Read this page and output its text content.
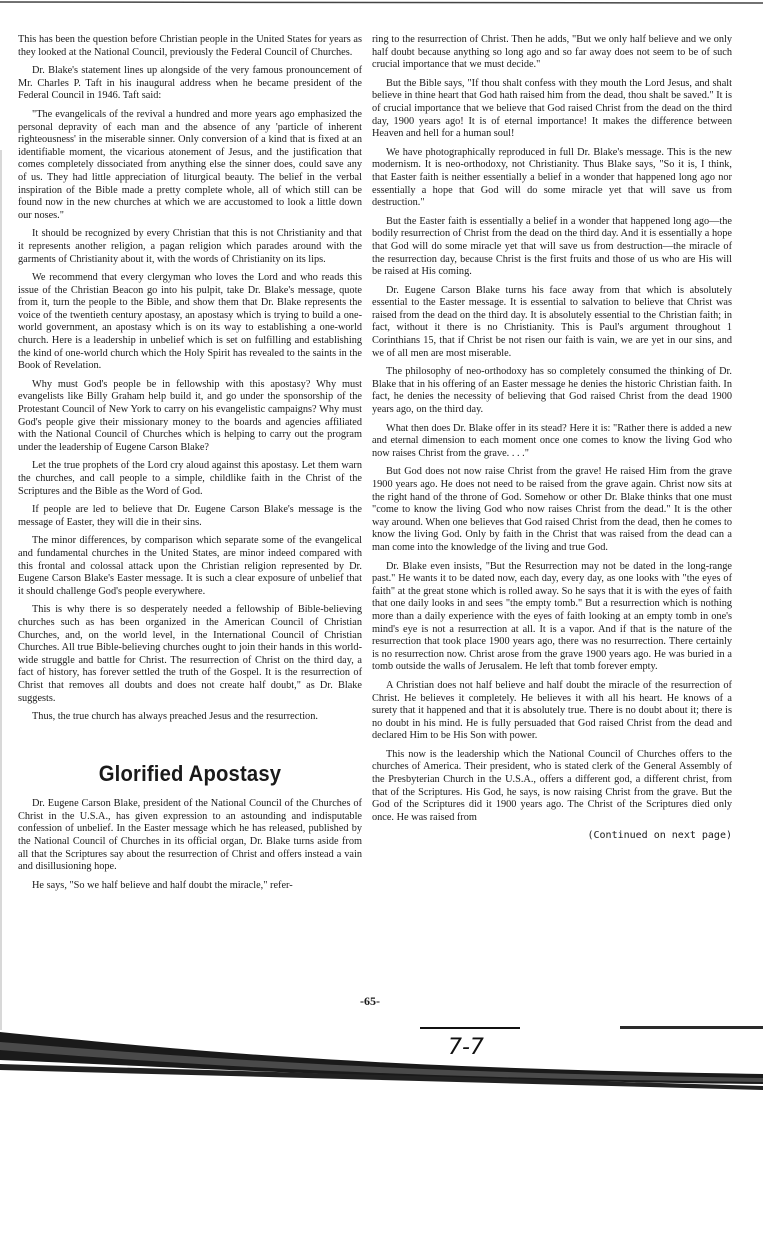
This has been the question before Christian people in the United States for years as they looked at the National Council, previously the Federal Council of Churches.

Dr. Blake's statement lines up alongside of the very famous pronouncement of Mr. Charles P. Taft in his inaugural address when he became president of the Federal Council in 1946. Taft said:

"The evangelicals of the revival a hundred and more years ago emphasized the personal depravity of each man and the absence of any 'particle of inherent righteousness' in the miserable sinner. Only conversion of a kind that is fixed at an identifiable moment, the vicarious atonement of Jesus, and the justification that comes completely dissociated from anything else the sinner does, could save any of us. They had little appreciation of liturgical beauty. The belief in the verbal inspiration of the Bible made a pretty complete whole, all of which still can be found now in the new churches at which we are accustomed to look a little down our noses."

It should be recognized by every Christian that this is not Christianity and that it represents another religion, a pagan religion which parades around with the garments of Christianity about it, with the words of Christianity on its lips.

We recommend that every clergyman who loves the Lord and who reads this issue of the Christian Beacon go into his pulpit, take Dr. Blake's message, quote from it, turn the people to the Bible, and show them that Dr. Blake represents the voice of the twentieth century apostasy, an apostasy which is trying to build a one-world government, an apostasy which is on its way to establishing a one-world church. Here is a leadership in unbelief which is set on fulfilling and establishing the kind of one-world church which the Holy Spirit has revealed to the saints in the Book of Revelation.

Why must God's people be in fellowship with this apostasy? Why must evangelists like Billy Graham help build it, and go under the sponsorship of the Protestant Council of New York to carry on his evangelistic campaigns? Why must God's people give their missionary money to the boards and agencies affiliated with the National Council of Churches which is helping to carry out the program under the leadership of Eugene Carson Blake?

Let the true prophets of the Lord cry aloud against this apostasy. Let them warn the churches, and call people to a simple, childlike faith in the Christ of the Scriptures and the Bible as the Word of God.

If people are led to believe that Dr. Eugene Carson Blake's message is the message of Easter, they will die in their sins.

The minor differences, by comparison which separate some of the evangelical and fundamental churches in the United States, are minor indeed compared with this frontal and colossal attack upon the Christian religion represented by Dr. Eugene Carson Blake's Easter message. It is such a clear exposure of unbelief that it should challenge God's people everywhere.

This is why there is so desperately needed a fellowship of Bible-believing churches such as has been organized in the American Council of Christian Churches, and, on the world level, in the International Council of Christian Churches. All true Bible-believing churches ought to join their hands in this world-wide struggle and battle for Christ. The resurrection of Christ on the third day, a fact of history, has forever settled the truth of the Gospel. It is the resurrection of Christ that removes all doubts and does not create half doubt," as Dr. Blake suggests.

Thus, the true church has always preached Jesus and the resurrection.

Glorified Apostasy

Dr. Eugene Carson Blake, president of the National Council of the Churches of Christ in the U.S.A., has given expression to an astounding and indisputable confession of unbelief. In the Easter message which he has released, published by the National Council of Churches in its official organ, Dr. Blake turns aside from all that the Scriptures say about the resurrection of Christ and offers instead a vain and disillusioning hope.

He says, "So we half believe and half doubt the miracle," refer-

ring to the resurrection of Christ. Then he adds, "But we only half believe and we only half doubt because anything so long ago and so far away does not seem to be of such crucial importance that we must decide."

But the Bible says, "If thou shalt confess with they mouth the Lord Jesus, and shalt believe in thine heart that God hath raised him from the dead, thou shalt be saved." It is of crucial importance that we believe that God raised Christ from the dead on the third day, 1900 years ago! It is of eternal importance! It makes the difference between Heaven and hell for a human soul!

We have photographically reproduced in full Dr. Blake's message. This is the new modernism. It is neo-orthodoxy, not Christianity. Thus Blake says, "So it is, I think, that Easter faith is neither essentially a belief in a wonder that happened long ago nor essentially a hope that God will do some miracle yet that will save us from destruction."

But the Easter faith is essentially a belief in a wonder that happened long ago—the bodily resurrection of Christ from the dead on the third day. And it is essentially a hope that God will do some miracle yet that will save us from destruction—the miracle of the resurrection day, because Christ is the first fruits and those of us who are His will be raised at His coming.

Dr. Eugene Carson Blake turns his face away from that which is absolutely essential to the Easter message. It is essential to salvation to believe that Christ was raised from the dead on the third day. It is absolutely essential to the Christian faith; in fact, without it there is no Christianity. This is Paul's argument throughout 1 Corinthians 15, that if Christ be not risen our faith is vain, we are yet in our sins, and we of all men are most miserable.

The philosophy of neo-orthodoxy has so completely consumed the thinking of Dr. Blake that in his offering of an Easter message he denies the historic Christian faith. In fact, he denies the necessity of believing that God raised Christ from the dead 1900 years ago, on the third day.

What then does Dr. Blake offer in its stead? Here it is: "Rather there is added a new and eternal dimension to each moment once one comes to know the living God who now raises Christ from the grave. . . ."

But God does not now raise Christ from the grave! He raised Him from the grave 1900 years ago. He does not need to be raised from the grave again. Christ now sits at the right hand of the throne of God. Somehow or other Dr. Blake thinks that one must "come to know the living God who now raises Christ from the dead." It is the other way around. When one believes that God raised Christ from the dead, then he comes to know the living God. Only by faith in the Christ that was raised from the dead can a man come into the knowledge of the living and true God.

Dr. Blake even insists, "But the Resurrection may not be dated in the long-range past." He wants it to be dated now, each day, every day, as one looks with "the eyes of faith" at the great stone which is rolled away. So he says that it is with the eyes of faith that one daily looks in and sees "the empty tomb." But a resurrection which is nothing more than a daily experience with the eyes of faith looking at an empty tomb in one's mind's eye is not a resurrection at all. It is a vapor. And if that is the nature of the resurrection that took place 1900 years ago, there was no resurrection. There certainly is no resurrection now. Christ arose from the grave 1900 years ago. He was buried in a tomb outside the walls of Jerusalem. He left that tomb forever empty.

A Christian does not half believe and half doubt the miracle of the resurrection of Christ. He believes it completely. He believes it with all his heart. He knows of a surety that it happened and that it is absolutely true. There is no doubt about it; there is no doubt in his mind. He is fully persuaded that God raised Christ from the dead and declared Him to be His Son with power.

This now is the leadership which the National Council of Churches offers to the churches of America. Their president, who is stated clerk of the General Assembly of the Presbyterian Church in the U.S.A., offers a different god, a different christ, from that of the Scriptures. His God, he says, is now raising Christ from the grave. But the God of the Scriptures did it 1900 years ago. The Christ of the Scriptures died only once. He was raised from

(Continued on next page)
-65-
7-7
